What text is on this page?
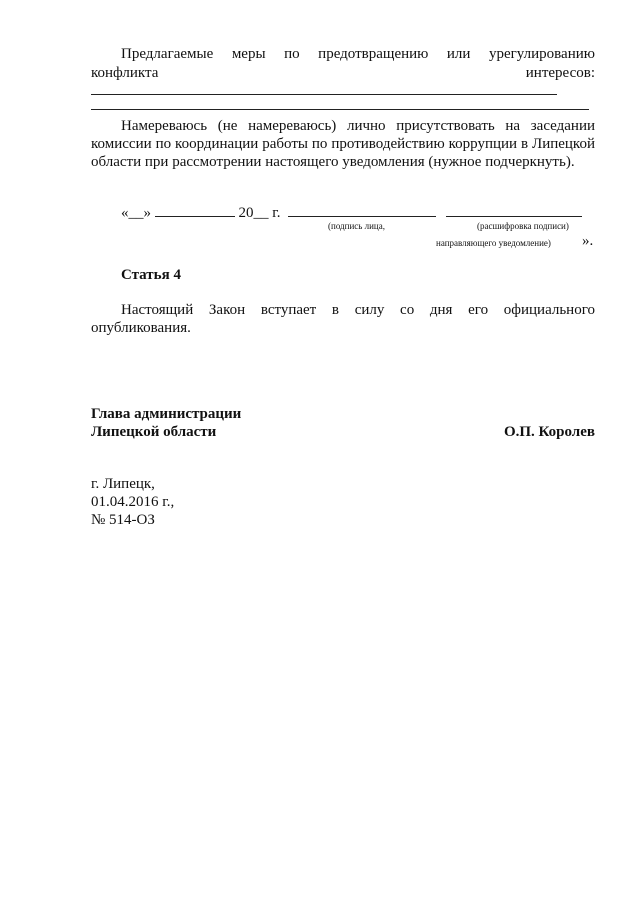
Предлагаемые меры по предотвращению или урегулированию
конфликта	интересов:
Намереваюсь (не намереваюсь) лично присутствовать на заседании комиссии по координации работы по противодействию коррупции в Липецкой области при рассмотрении настоящего уведомления (нужное подчеркнуть).
«__»	20__ г.
(подпись лица,	(расшифровка подписи)
направляющего уведомление) ».
Статья 4
Настоящий Закон вступает в силу со дня его официального опубликования.
Глава администрации
Липецкой области	О.П. Королев
г. Липецк,
01.04.2016 г.,
№ 514-ОЗ
